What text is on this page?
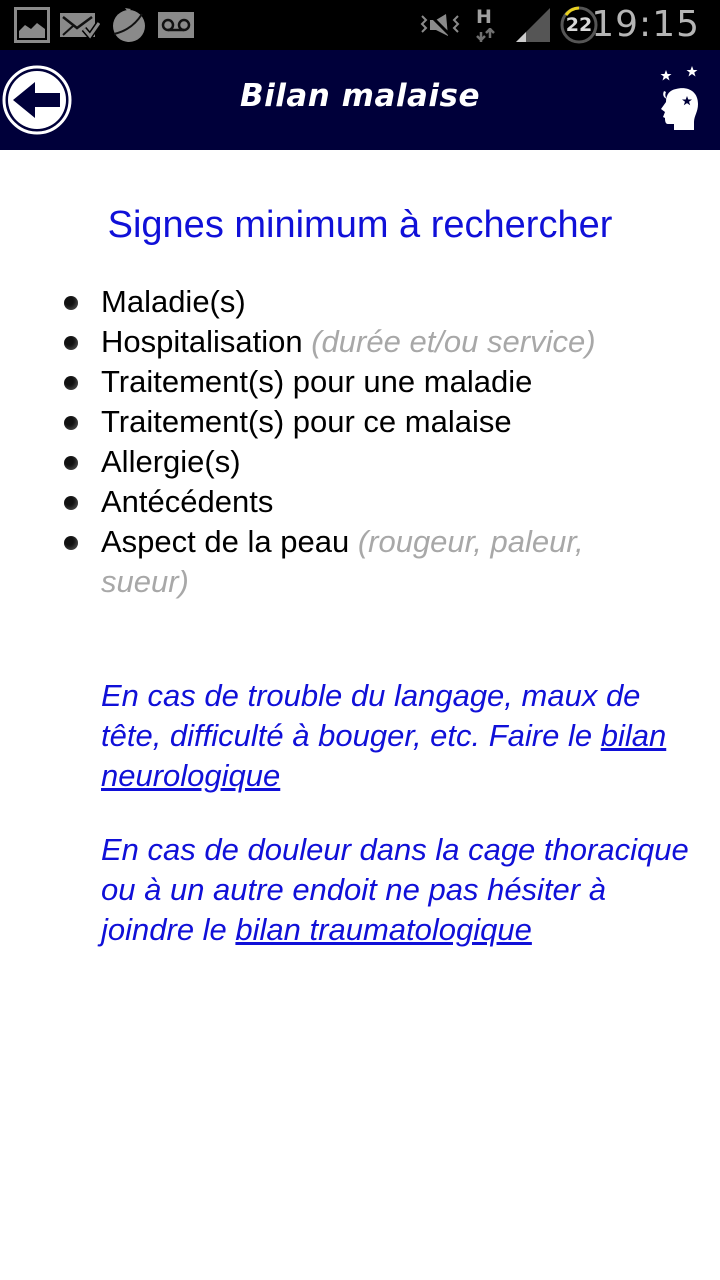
H	22 19:15
Bilan malaise
Signes minimum à rechercher
Maladie(s)
Hospitalisation (durée et/ou service)
Traitement(s) pour une maladie
Traitement(s) pour ce malaise
Allergie(s)
Antécédents
Aspect de la peau (rougeur, paleur, sueur)

En cas de trouble du langage, maux de tête, difficulté à bouger, etc. Faire le bilan neurologique

En cas de douleur dans la cage thoracique ou à un autre endoit ne pas hésiter à joindre le bilan traumatologique
